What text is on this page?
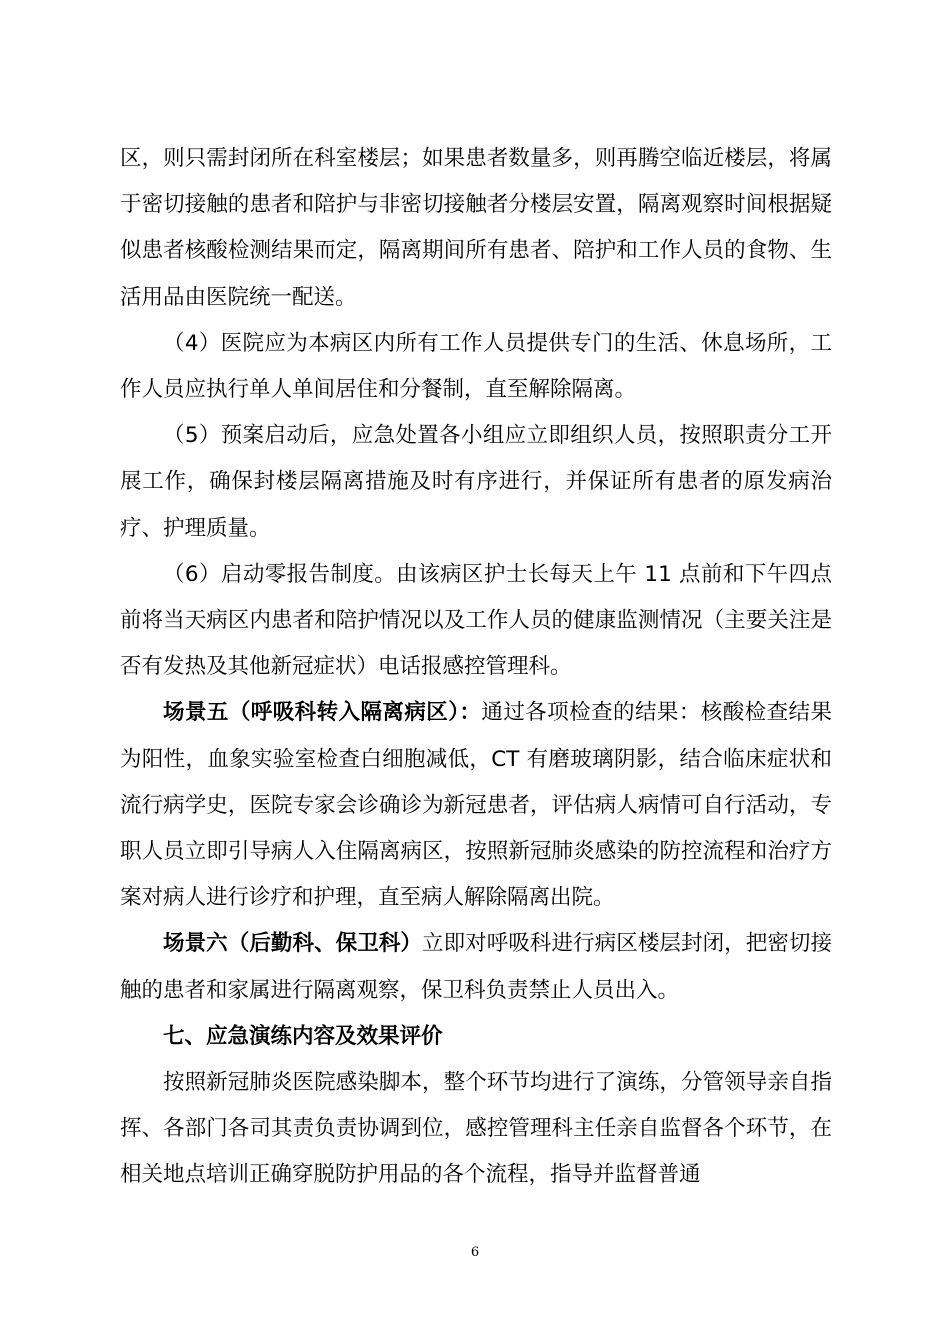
区，则只需封闭所在科室楼层；如果患者数量多，则再腾空临近楼层，将属于密切接触的患者和陪护与非密切接触者分楼层安置，隔离观察时间根据疑似患者核酸检测结果而定，隔离期间所有患者、陪护和工作人员的食物、生活用品由医院统一配送。

（4）医院应为本病区内所有工作人员提供专门的生活、休息场所，工作人员应执行单人单间居住和分餐制，直至解除隔离。

（5）预案启动后，应急处置各小组应立即组织人员，按照职责分工开展工作，确保封楼层隔离措施及时有序进行，并保证所有患者的原发病治疗、护理质量。

（6）启动零报告制度。由该病区护士长每天上午 11 点前和下午四点前将当天病区内患者和陪护情况以及工作人员的健康监测情况（主要关注是否有发热及其他新冠症状）电话报感控管理科。

场景五（呼吸科转入隔离病区）：通过各项检查的结果：核酸检查结果为阳性，血象实验室检查白细胞减低，CT 有磨玻璃阴影，结合临床症状和流行病学史，医院专家会诊确诊为新冠患者，评估病人病情可自行活动，专职人员立即引导病人入住隔离病区，按照新冠肺炎感染的防控流程和治疗方案对病人进行诊疗和护理，直至病人解除隔离出院。

场景六（后勤科、保卫科）立即对呼吸科进行病区楼层封闭，把密切接触的患者和家属进行隔离观察，保卫科负责禁止人员出入。

七、应急演练内容及效果评价

按照新冠肺炎医院感染脚本，整个环节均进行了演练，分管领导亲自指挥、各部门各司其责负责协调到位，感控管理科主任亲自监督各个环节，在相关地点培训正确穿脱防护用品的各个流程，指导并监督普通

6
